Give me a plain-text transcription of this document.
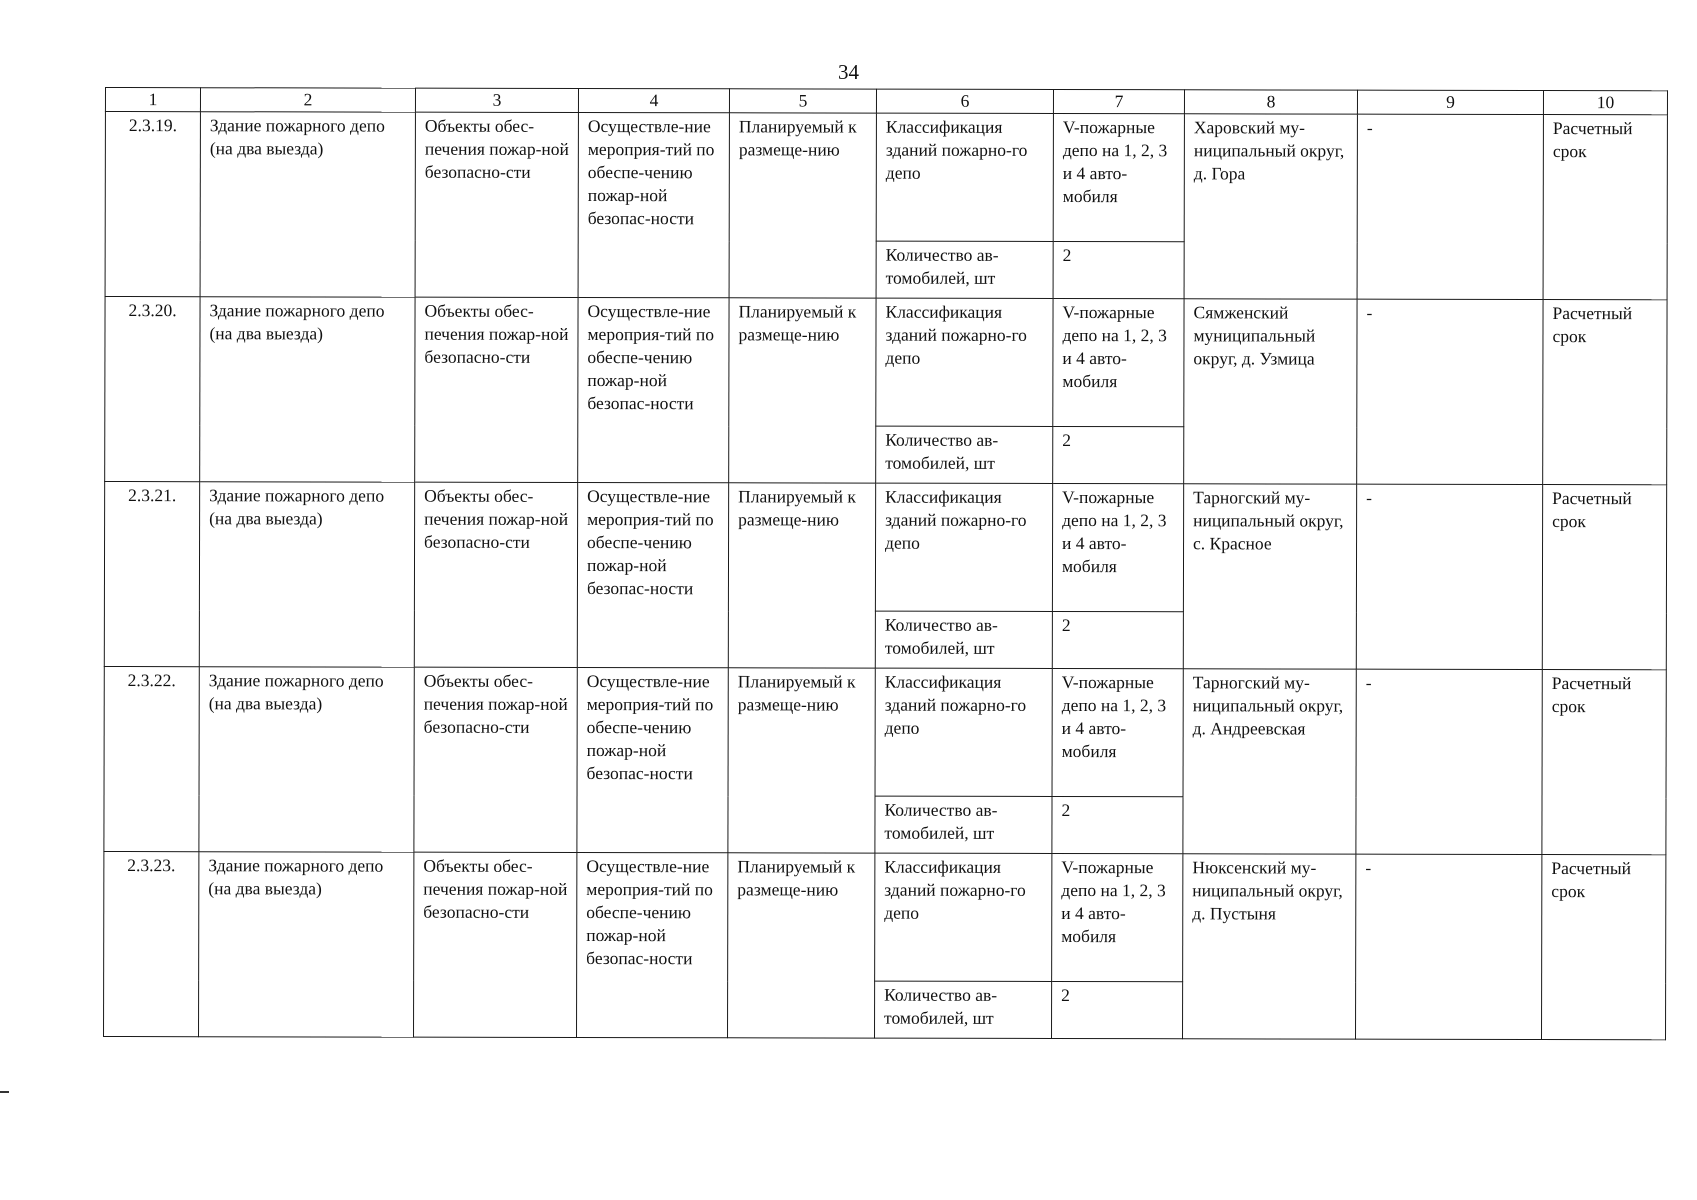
34
1	2	3	4	5	6	7	8	9	10
2.3.19.	Здание пожарного депо (на два выезда)	Объекты обес-печения пожар-ной безопасно-сти	Осуществле-ние мероприя-тий по обеспе-чению пожар-ной безопас-ности	Планируемый к размеще-нию	Классификация зданий пожарно-го депо	V-пожарные депо на 1, 2, 3 и 4 авто-мобиля	Харовский му-ниципальный округ, д. Гора	-	Расчетный срок
					Количество ав-томобилей, шт	2			
2.3.20.	Здание пожарного депо (на два выезда)	Объекты обес-печения пожар-ной безопасно-сти	Осуществле-ние мероприя-тий по обеспе-чению пожар-ной безопас-ности	Планируемый к размеще-нию	Классификация зданий пожарно-го депо	V-пожарные депо на 1, 2, 3 и 4 авто-мобиля	Сямженский муниципальный округ, д. Узмица	-	Расчетный срок
					Количество ав-томобилей, шт	2			
2.3.21.	Здание пожарного депо (на два выезда)	Объекты обес-печения пожар-ной безопасно-сти	Осуществле-ние мероприя-тий по обеспе-чению пожар-ной безопас-ности	Планируемый к размеще-нию	Классификация зданий пожарно-го депо	V-пожарные депо на 1, 2, 3 и 4 авто-мобиля	Тарногский му-ниципальный округ, с. Красное	-	Расчетный срок
					Количество ав-томобилей, шт	2			
2.3.22.	Здание пожарного депо (на два выезда)	Объекты обес-печения пожар-ной безопасно-сти	Осуществле-ние мероприя-тий по обеспе-чению пожар-ной безопас-ности	Планируемый к размеще-нию	Классификация зданий пожарно-го депо	V-пожарные депо на 1, 2, 3 и 4 авто-мобиля	Тарногский му-ниципальный округ, д. Андреевская	-	Расчетный срок
					Количество ав-томобилей, шт	2			
2.3.23.	Здание пожарного депо (на два выезда)	Объекты обес-печения пожар-ной безопасно-сти	Осуществле-ние мероприя-тий по обеспе-чению пожар-ной безопас-ности	Планируемый к размеще-нию	Классификация зданий пожарно-го депо	V-пожарные депо на 1, 2, 3 и 4 авто-мобиля	Нюксенский му-ниципальный округ, д. Пустыня	-	Расчетный срок
					Количество ав-томобилей, шт	2			
